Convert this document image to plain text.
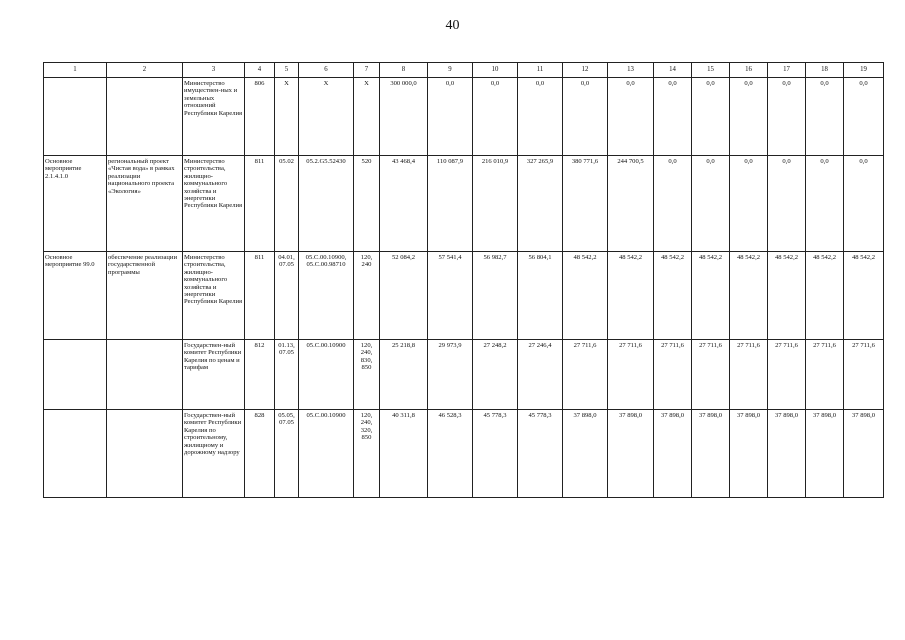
40
1	2	3	4	5	6	7	8	9	10	11	12	13	14	15	16	17	18	19
		Министерство имуществен-ных и земельных отношений Республики Карелия	806	Х	Х	Х	300 000,0	0,0	0,0	0,0	0,0	0,0	0,0	0,0	0,0	0,0	0,0	0,0
Основное мероприятие 2.1.4.1.0	региональный проект «Чистая вода» в рамках реализации национального проекта «Экология»	Министерство строительства, жилищно-коммунального хозяйства и энергетики Республики Карелия	811	05.02	05.2.G5.52430	520	43 468,4	110 087,9	216 010,9	327 265,9	380 771,6	244 700,5	0,0	0,0	0,0	0,0	0,0	0,0
Основное мероприятие 99.0	обеспечение реализации государственной программы	Министерство строительства, жилищно-коммунального хозяйства и энергетики Республики Карелия	811	04.01, 07.05	05.С.00.10900, 05.С.00.98710	120, 240	52 084,2	57 541,4	56 982,7	56 804,1	48 542,2	48 542,2	48 542,2	48 542,2	48 542,2	48 542,2	48 542,2	48 542,2
		Государствен-ный комитет Республики Карелия по ценам и тарифам	812	01.13, 07.05	05.С.00.10900	120, 240, 830, 850	25 218,8	29 973,9	27 248,2	27 246,4	27 711,6	27 711,6	27 711,6	27 711,6	27 711,6	27 711,6	27 711,6	27 711,6
		Государствен-ный комитет Республики Карелия по строительному, жилищному и дорожному надзору	828	05.05, 07.05	05.С.00.10900	120, 240, 320, 850	40 311,8	46 528,3	45 778,3	45 778,3	37 898,0	37 898,0	37 898,0	37 898,0	37 898,0	37 898,0	37 898,0	37 898,0
